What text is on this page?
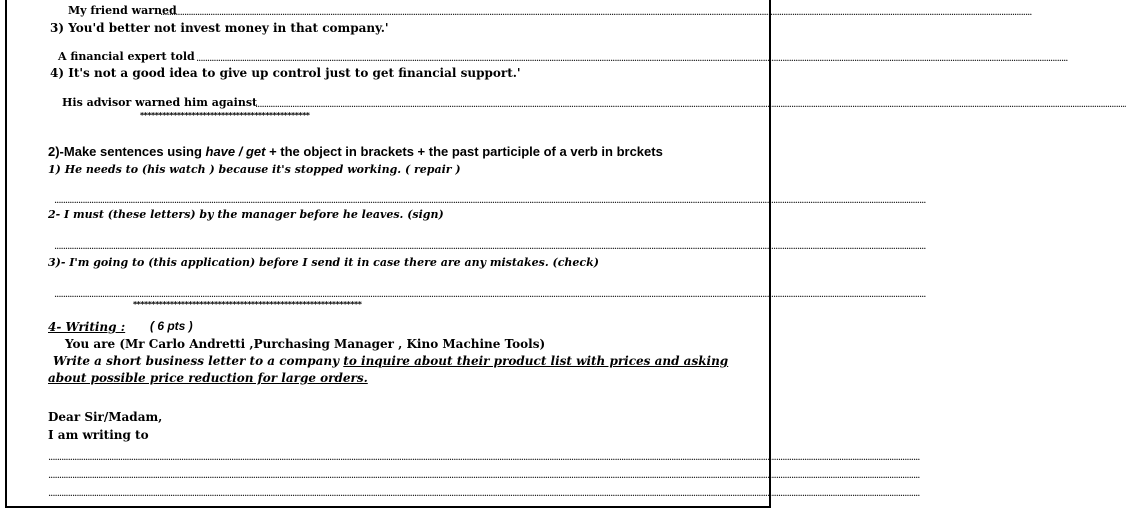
My friend warned
................................................................................................................................................................................................................................................................................................................................................................................................................
3) You'd better not invest money in that company.'
A financial expert told ................................................................................................................................................................................................................................................................................................................................................................................................................
4) It's not a good idea to give up control just to get financial support.'
His advisor warned him against
................................................................................................................................................................................................................................................................................................................................................................................................................
**********************************************
2)-Make sentences using have / get + the object in brackets + the past participle of a verb in brckets
1) He needs to (his watch ) because it's stopped working. ( repair )
................................................................................................................................................................................................................................................................................................................................................................................................................
2- I must (these letters) by the manager before he leaves. (sign)
................................................................................................................................................................................................................................................................................................................................................................................................................
3)- I'm going to (this application) before I send it in case there are any mistakes. (check)
................................................................................................................................................................................................................................................................................................................................................................................................................
**************************************************************
4- Writing : ( 6 pts )
You are (Mr Carlo Andretti ,Purchasing Manager , Kino Machine Tools)
Write a short business letter to a company to inquire about their product list with prices and asking
about possible price reduction for large orders.
Dear Sir/Madam,
I am writing to
................................................................................................................................................................................................................................................................................................................................................................................................................
................................................................................................................................................................................................................................................................................................................................................................................................................
................................................................................................................................................................................................................................................................................................................................................................................................................
